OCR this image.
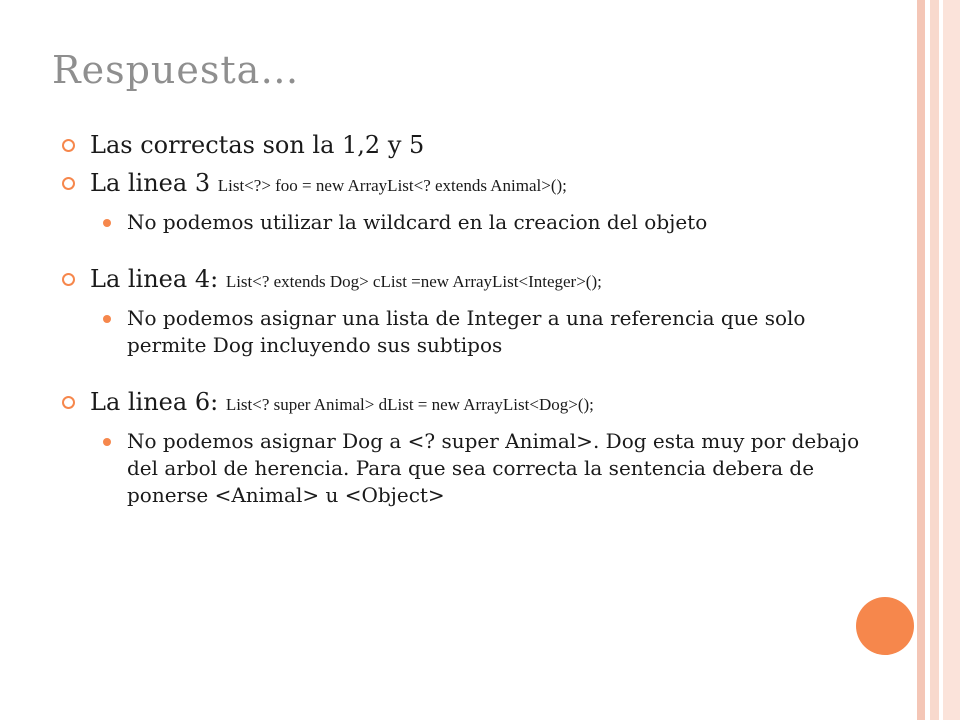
Respuesta…
Las correctas son la 1,2 y 5
La linea 3 List<?> foo = new ArrayList<? extends Animal>();
No podemos utilizar la wildcard en la creacion del objeto
La linea 4: List<? extends Dog> cList =new ArrayList<Integer>();
No podemos asignar una lista de Integer a una referencia que solo permite Dog incluyendo sus subtipos
La linea 6: List<? super Animal> dList = new ArrayList<Dog>();
No podemos asignar Dog a <? super Animal>. Dog esta muy por debajo del arbol de herencia. Para que sea correcta la sentencia debera de ponerse <Animal> u <Object>
